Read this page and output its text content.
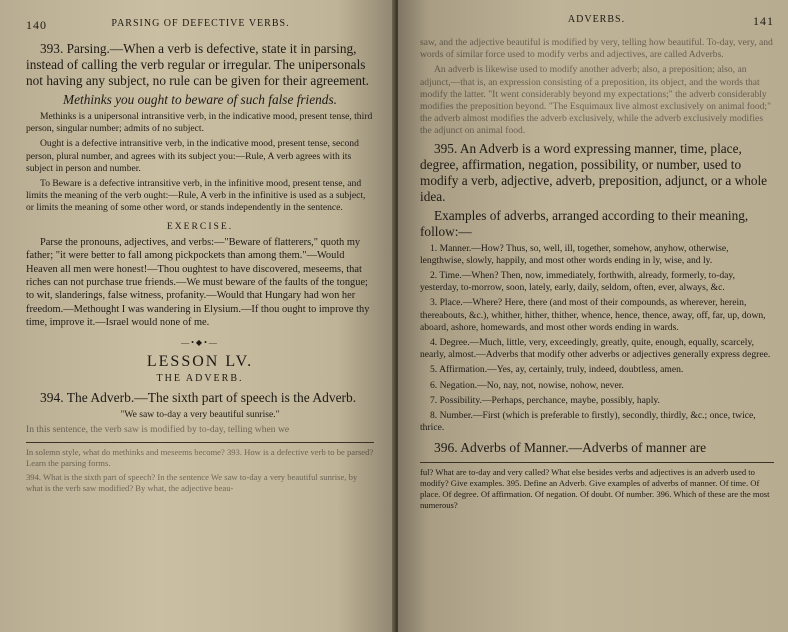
140	PARSING OF DEFECTIVE VERBS.

393. Parsing.—When a verb is defective, state it in parsing, instead of calling the verb regular or irregular. The unipersonals not having any subject, no rule can be given for their agreement.

Methinks you ought to beware of such false friends.

Methinks is a unipersonal intransitive verb, in the indicative mood, present tense, third person, singular number; admits of no subject.

Ought is a defective intransitive verb, in the indicative mood, present tense, second person, plural number, and agrees with its subject you:—Rule, A verb agrees with its subject in person and number.

To Beware is a defective intransitive verb, in the infinitive mood, present tense, and limits the meaning of the verb ought:—Rule, A verb in the infinitive is used as a subject, or limits the meaning of some other word, or stands independently in the sentence.

EXERCISE.

Parse the pronouns, adjectives, and verbs:—"Beware of flatterers," quoth my father; "it were better to fall among pickpockets than among them."—Would Heaven all men were honest!—Thou oughtest to have discovered, meseems, that riches can not purchase true friends.—We must beware of the faults of the tongue; to wit, slanderings, false witness, profanity.—Would that Hungary had won her freedom.—Methought I was wandering in Elysium.—If thou ought to improve thy time, improve it.—Israel would none of me.

—•◆•—
LESSON LV.
THE ADVERB.

394. The Adverb.—The sixth part of speech is the Adverb.

"We saw to-day a very beautiful sunrise."

In this sentence, the verb saw is modified by to-day, telling when we

In solemn style, what do methinks and meseems become? 393. How is a defective verb to be parsed? Learn the parsing forms.

394. What is the sixth part of speech? In the sentence We saw to-day a very beautiful sunrise, by what is the verb saw modified? By what, the adjective beau-

ADVERBS.	141

saw, and the adjective beautiful is modified by very, telling how beautiful. To-day, very, and words of similar force used to modify verbs and adjectives, are called Adverbs.

An adverb is likewise used to modify another adverb; also, a preposition; also, an adjunct,—that is, an expression consisting of a preposition, its object, and the words that modify the latter. "It went considerably beyond my expectations;" the adverb considerably modifies the preposition beyond. "The Esquimaux live almost exclusively on animal food;" the adverb almost modifies the adverb exclusively, while the adverb exclusively modifies the adjunct on animal food.

395. An Adverb is a word expressing manner, time, place, degree, affirmation, negation, possibility, or number, used to modify a verb, adjective, adverb, preposition, adjunct, or a whole idea.

Examples of adverbs, arranged according to their meaning, follow:—

1. Manner.—How? Thus, so, well, ill, together, somehow, anyhow, otherwise, lengthwise, slowly, happily, and most other words ending in ly, wise, and ly.

2. Time.—When? Then, now, immediately, forthwith, already, formerly, to-day, yesterday, to-morrow, soon, lately, early, daily, seldom, often, ever, always, &c.

3. Place.—Where? Here, there (and most of their compounds, as wherever, herein, thereabouts, &c.), whither, hither, thither, whence, hence, thence, away, off, far, up, down, aboard, ashore, homewards, and most other words ending in wards.

4. Degree.—Much, little, very, exceedingly, greatly, quite, enough, equally, scarcely, nearly, almost.—Adverbs that modify other adverbs or adjectives generally express degree.

5. Affirmation.—Yes, ay, certainly, truly, indeed, doubtless, amen.

6. Negation.—No, nay, not, nowise, nohow, never.

7. Possibility.—Perhaps, perchance, maybe, possibly, haply.

8. Number.—First (which is preferable to firstly), secondly, thirdly, &c.; once, twice, thrice.

396. Adverbs of Manner.—Adverbs of manner are

ful? What are to-day and very called? What else besides verbs and adjectives is an adverb used to modify? Give examples. 395. Define an Adverb. Give examples of adverbs of manner. Of time. Of place. Of degree. Of affirmation. Of negation. Of doubt. Of number. 396. Which of these are the most numerous?
